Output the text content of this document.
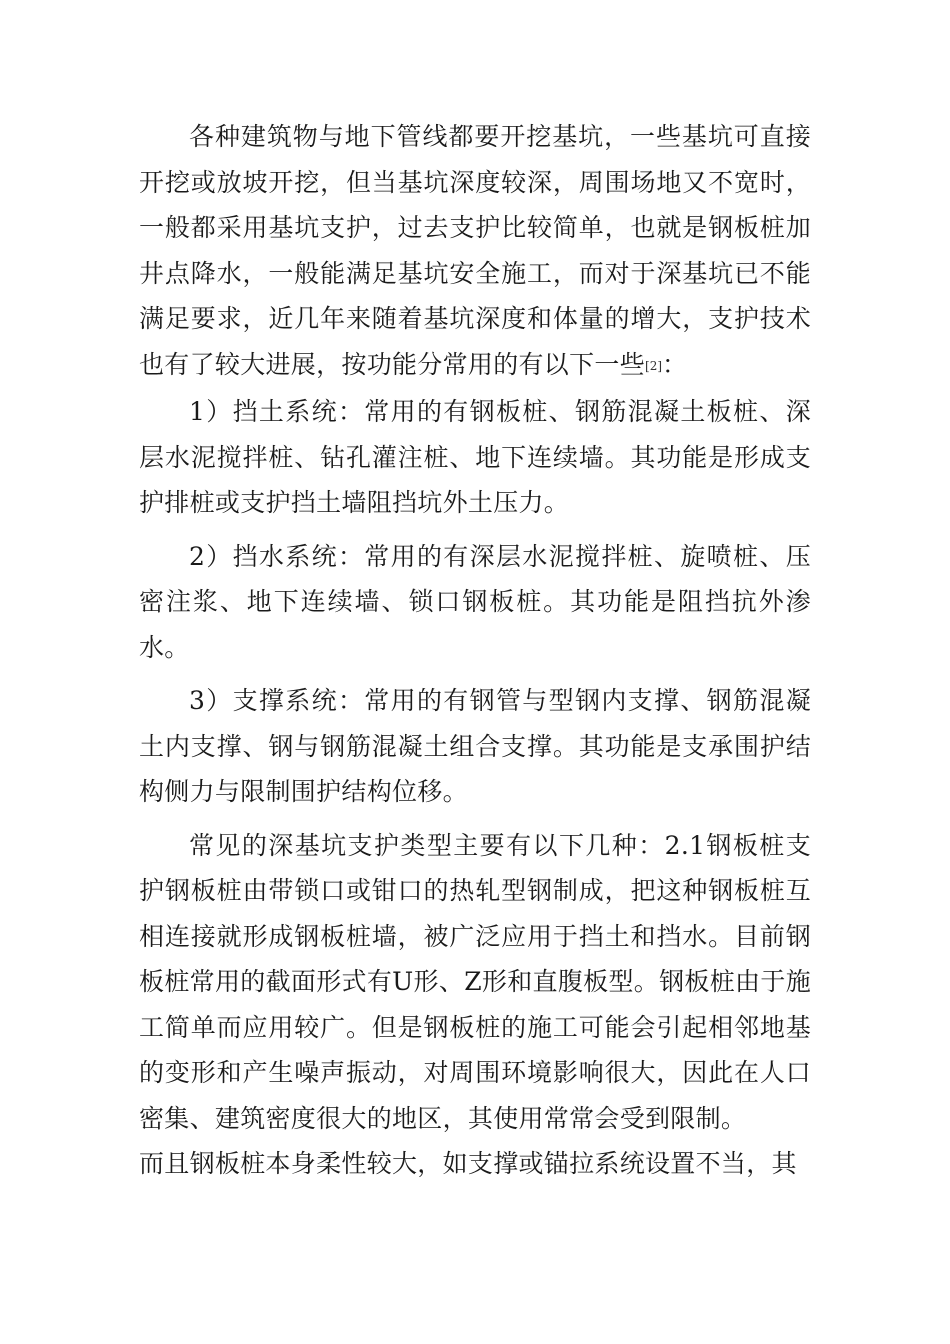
各种建筑物与地下管线都要开挖基坑，一些基坑可直接开挖或放坡开挖，但当基坑深度较深，周围场地又不宽时，一般都采用基坑支护，过去支护比较简单，也就是钢板桩加井点降水，一般能满足基坑安全施工，而对于深基坑已不能满足要求，近几年来随着基坑深度和体量的增大，支护技术也有了较大进展，按功能分常用的有以下一些[2]：

1）挡土系统：常用的有钢板桩、钢筋混凝土板桩、深层水泥搅拌桩、钻孔灌注桩、地下连续墙。其功能是形成支护排桩或支护挡土墙阻挡坑外土压力。

2）挡水系统：常用的有深层水泥搅拌桩、旋喷桩、压密注浆、地下连续墙、锁口钢板桩。其功能是阻挡抗外渗水。

3）支撑系统：常用的有钢管与型钢内支撑、钢筋混凝土内支撑、钢与钢筋混凝土组合支撑。其功能是支承围护结构侧力与限制围护结构位移。

常见的深基坑支护类型主要有以下几种：2.1钢板桩支护钢板桩由带锁口或钳口的热轧型钢制成，把这种钢板桩互相连接就形成钢板桩墙，被广泛应用于挡土和挡水。目前钢板桩常用的截面形式有U形、Z形和直腹板型。钢板桩由于施工简单而应用较广。但是钢板桩的施工可能会引起相邻地基的变形和产生噪声振动，对周围环境影响很大，因此在人口密集、建筑密度很大的地区，其使用常常会受到限制。

而且钢板桩本身柔性较大，如支撑或锚拉系统设置不当，其
